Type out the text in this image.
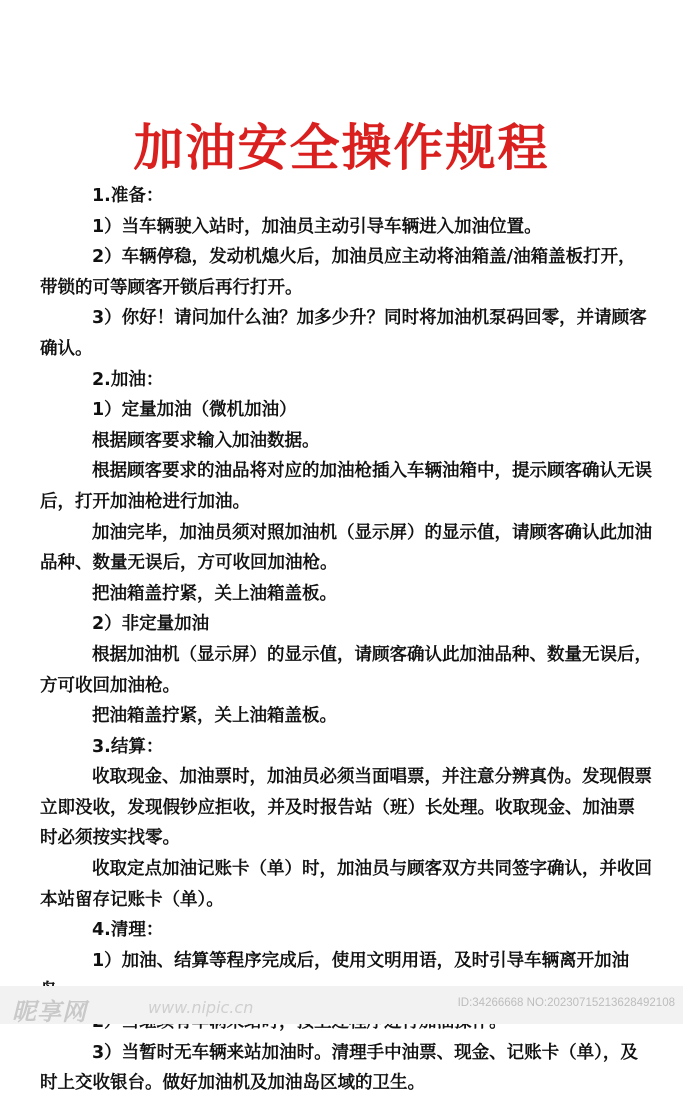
加油安全操作规程

1.准备：

1）当车辆驶入站时，加油员主动引导车辆进入加油位置。

2）车辆停稳，发动机熄火后，加油员应主动将油箱盖/油箱盖板打开，带锁的可等顾客开锁后再行打开。

3）你好！请问加什么油？加多少升？同时将加油机泵码回零，并请顾客确认。

2.加油：

1）定量加油（微机加油）

根据顾客要求输入加油数据。

根据顾客要求的油品将对应的加油枪插入车辆油箱中，提示顾客确认无误后，打开加油枪进行加油。

加油完毕，加油员须对照加油机（显示屏）的显示值，请顾客确认此加油品种、数量无误后，方可收回加油枪。

把油箱盖拧紧，关上油箱盖板。

2）非定量加油

根据加油机（显示屏）的显示值，请顾客确认此加油品种、数量无误后，方可收回加油枪。

把油箱盖拧紧，关上油箱盖板。

3.结算：

收取现金、加油票时，加油员必须当面唱票，并注意分辨真伪。发现假票立即没收，发现假钞应拒收，并及时报告站（班）长处理。收取现金、加油票时必须按实找零。

收取定点加油记账卡（单）时，加油员与顾客双方共同签字确认，并收回本站留存记账卡（单）。

4.清理：

1）加油、结算等程序完成后，使用文明用语，及时引导车辆离开加油

3）当暂时无车辆来站加油时。清理手中油票、现金、记账卡（单），及时上交收银台。做好加油机及加油岛区域的卫生。

昵享网	www.nipic.cn	ID:34266668 NO:20230715213628492108
